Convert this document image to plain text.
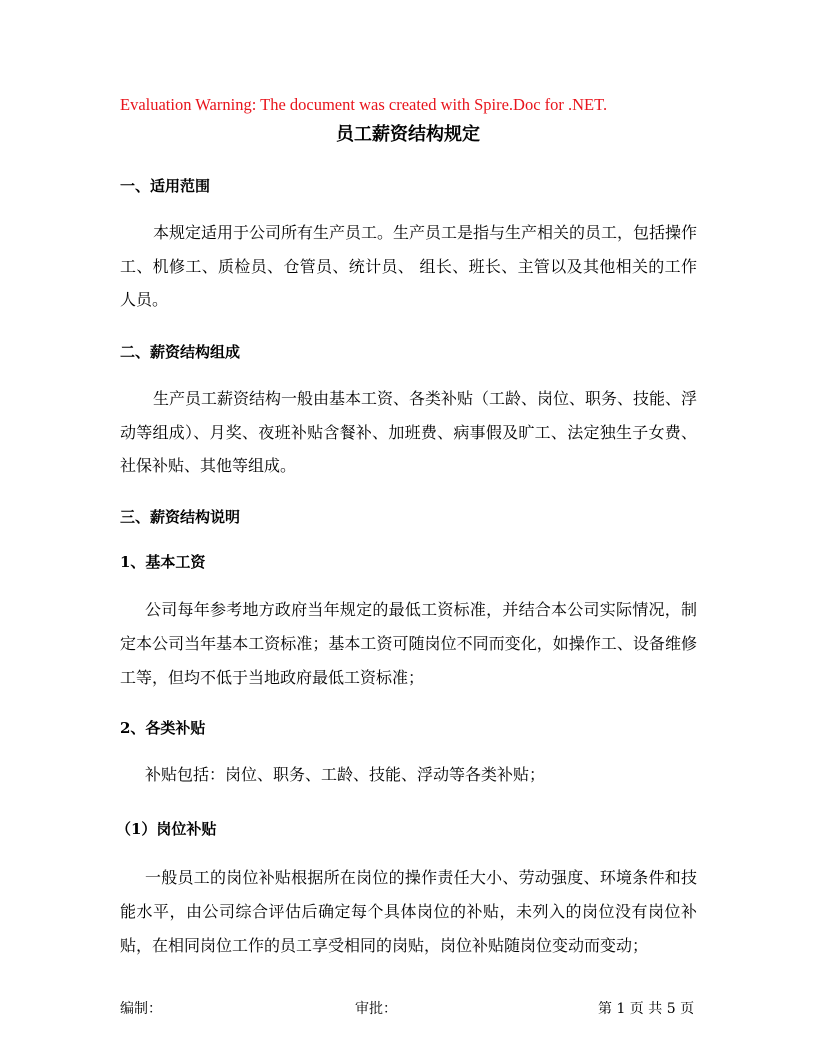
Evaluation Warning: The document was created with Spire.Doc for .NET.
员工薪资结构规定
一、适用范围
本规定适用于公司所有生产员工。生产员工是指与生产相关的员工，包括操作
工、机修工、质检员、仓管员、统计员、 组长、班长、主管以及其他相关的工作
人员。
二、薪资结构组成
生产员工薪资结构一般由基本工资、各类补贴（工龄、岗位、职务、技能、浮
动等组成）、月奖、夜班补贴含餐补、加班费、病事假及旷工、法定独生子女费、
社保补贴、其他等组成。
三、薪资结构说明
1、基本工资
公司每年参考地方政府当年规定的最低工资标准，并结合本公司实际情况，制
定本公司当年基本工资标准；基本工资可随岗位不同而变化，如操作工、设备维修
工等，但均不低于当地政府最低工资标准；
2、各类补贴
补贴包括：岗位、职务、工龄、技能、浮动等各类补贴；
（1）岗位补贴
一般员工的岗位补贴根据所在岗位的操作责任大小、劳动强度、环境条件和技
能水平，由公司综合评估后确定每个具体岗位的补贴，未列入的岗位没有岗位补
贴，在相同岗位工作的员工享受相同的岗贴，岗位补贴随岗位变动而变动；
编制：	审批：	第 1 页 共 5 页
